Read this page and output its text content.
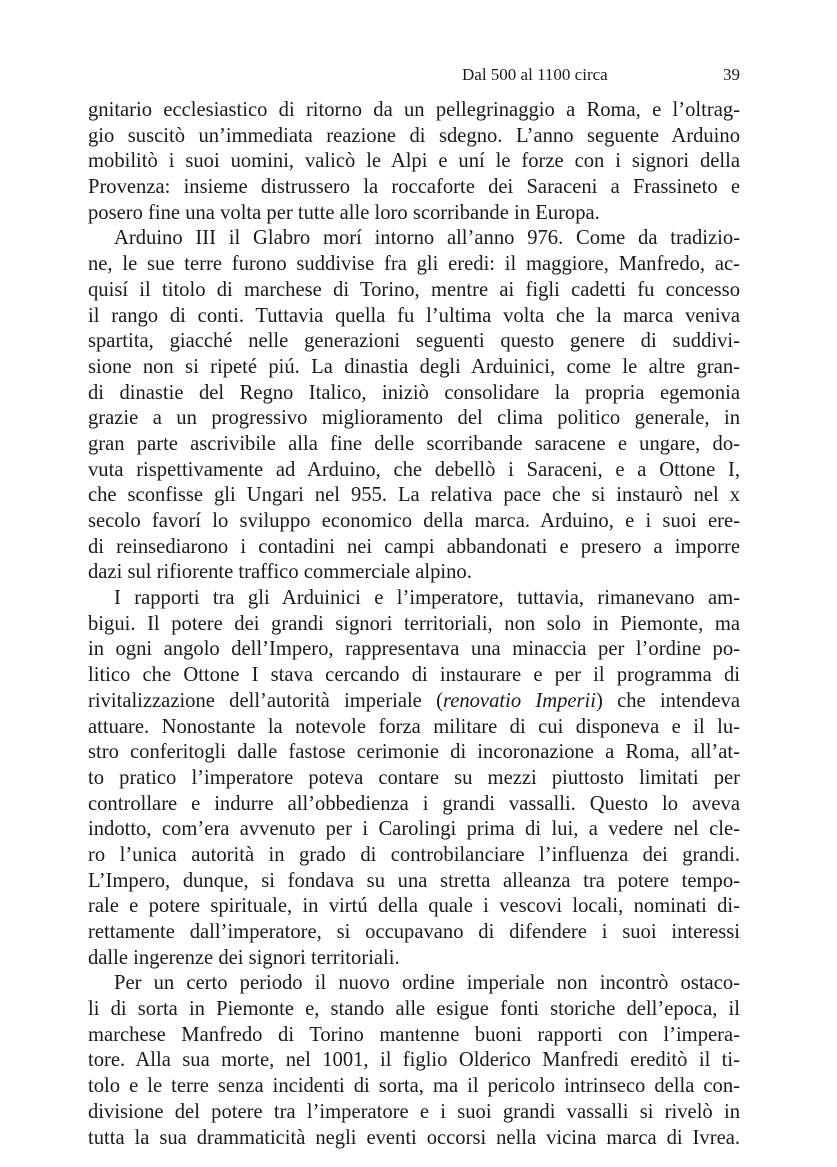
Dal 500 al 1100 circa	39
gnitario ecclesiastico di ritorno da un pellegrinaggio a Roma, e l’oltrag-
gio suscitò un’immediata reazione di sdegno. L’anno seguente Arduino
mobilitò i suoi uomini, valicò le Alpi e uní le forze con i signori della
Provenza: insieme distrussero la roccaforte dei Saraceni a Frassineto e
posero fine una volta per tutte alle loro scorribande in Europa.
Arduino III il Glabro morí intorno all’anno 976. Come da tradizio-
ne, le sue terre furono suddivise fra gli eredi: il maggiore, Manfredo, ac-
quisí il titolo di marchese di Torino, mentre ai figli cadetti fu concesso
il rango di conti. Tuttavia quella fu l’ultima volta che la marca veniva
spartita, giacché nelle generazioni seguenti questo genere di suddivi-
sione non si ripeté piú. La dinastia degli Arduinici, come le altre gran-
di dinastie del Regno Italico, iniziò consolidare la propria egemonia
grazie a un progressivo miglioramento del clima politico generale, in
gran parte ascrivibile alla fine delle scorribande saracene e ungare, do-
vuta rispettivamente ad Arduino, che debellò i Saraceni, e a Ottone I,
che sconfisse gli Ungari nel 955. La relativa pace che si instaurò nel x
secolo favorí lo sviluppo economico della marca. Arduino, e i suoi ere-
di reinsediarono i contadini nei campi abbandonati e presero a imporre
dazi sul rifiorente traffico commerciale alpino.
I rapporti tra gli Arduinici e l’imperatore, tuttavia, rimanevano am-
bigui. Il potere dei grandi signori territoriali, non solo in Piemonte, ma
in ogni angolo dell’Impero, rappresentava una minaccia per l’ordine po-
litico che Ottone I stava cercando di instaurare e per il programma di
rivitalizzazione dell’autorità imperiale (renovatio Imperii) che intendeva
attuare. Nonostante la notevole forza militare di cui disponeva e il lu-
stro conferitogli dalle fastose cerimonie di incoronazione a Roma, all’at-
to pratico l’imperatore poteva contare su mezzi piuttosto limitati per
controllare e indurre all’obbedienza i grandi vassalli. Questo lo aveva
indotto, com’era avvenuto per i Carolingi prima di lui, a vedere nel cle-
ro l’unica autorità in grado di controbilanciare l’influenza dei grandi.
L’Impero, dunque, si fondava su una stretta alleanza tra potere tempo-
rale e potere spirituale, in virtú della quale i vescovi locali, nominati di-
rettamente dall’imperatore, si occupavano di difendere i suoi interessi
dalle ingerenze dei signori territoriali.
Per un certo periodo il nuovo ordine imperiale non incontrò ostaco-
li di sorta in Piemonte e, stando alle esigue fonti storiche dell’epoca, il
marchese Manfredo di Torino mantenne buoni rapporti con l’impera-
tore. Alla sua morte, nel 1001, il figlio Olderico Manfredi ereditò il ti-
tolo e le terre senza incidenti di sorta, ma il pericolo intrinseco della con-
divisione del potere tra l’imperatore e i suoi grandi vassalli si rivelò in
tutta la sua drammaticità negli eventi occorsi nella vicina marca di Ivrea.
